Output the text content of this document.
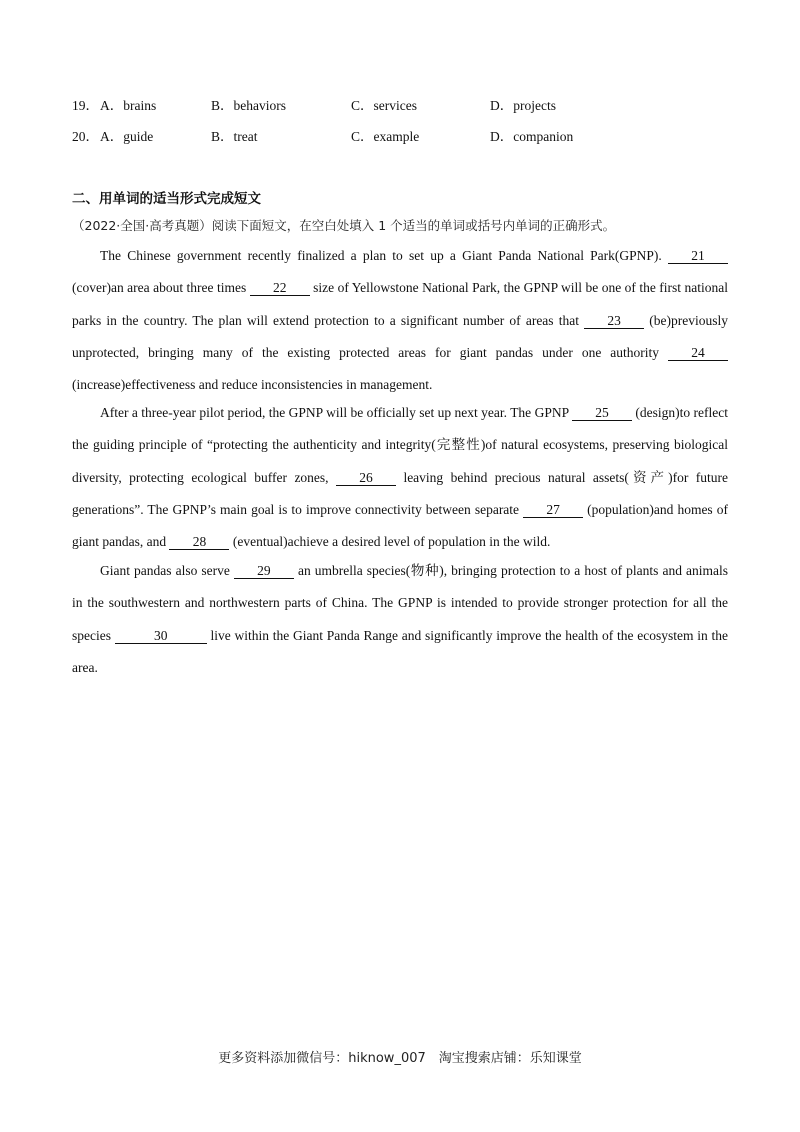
19． A．brains	B．behaviors	C．services	D．projects
20． A．guide	B．treat	C．example	D．companion
二、用单词的适当形式完成短文
（2022·全国·高考真题）阅读下面短文，在空白处填入 1 个适当的单词或括号内单词的正确形式。

The Chinese government recently finalized a plan to set up a Giant Panda National Park(GPNP). 21 (cover)an area about three times 22 size of Yellowstone National Park, the GPNP will be one of the first national parks in the country. The plan will extend protection to a significant number of areas that 23 (be)previously unprotected, bringing many of the existing protected areas for giant pandas under one authority 24 (increase)effectiveness and reduce inconsistencies in management.

After a three-year pilot period, the GPNP will be officially set up next year. The GPNP 25 (design)to reflect the guiding principle of “protecting the authenticity and integrity(完整性)of natural ecosystems, preserving biological diversity, protecting ecological buffer zones, 26 leaving behind precious natural assets(资产)for future generations”. The GPNP’s main goal is to improve connectivity between separate 27 (population)and homes of giant pandas, and 28 (eventual)achieve a desired level of population in the wild.

Giant pandas also serve 29 an umbrella species(物种), bringing protection to a host of plants and animals in the southwestern and northwestern parts of China. The GPNP is intended to provide stronger protection for all the species	30	live within the Giant Panda Range and significantly improve the health of the ecosystem in the area.

更多资料添加微信号：hiknow_007　淘宝搜索店铺：乐知课堂
